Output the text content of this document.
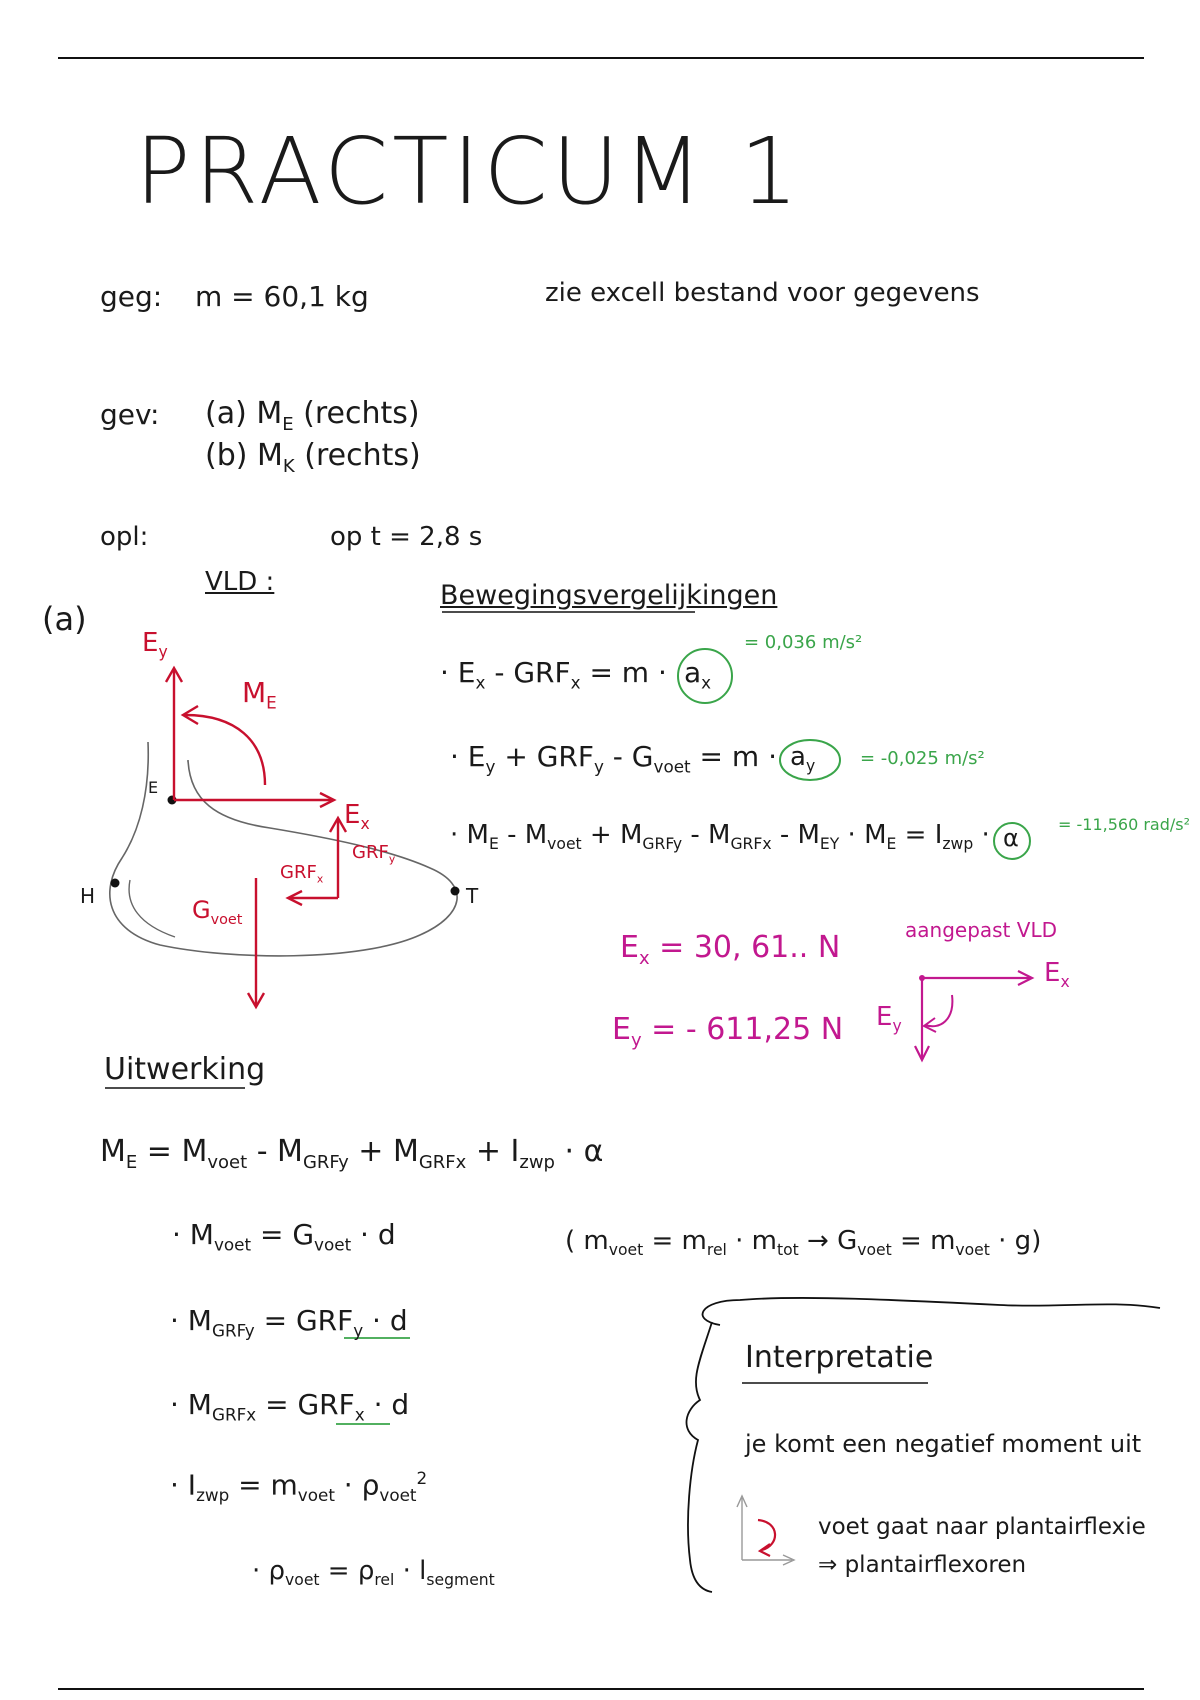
PRACTICUM 1
geg: m = 60,1 kg	zie excell bestand voor gegevens
gev: (a) $M_E$ (rechts)
(b) $M_K$ (rechts)
opl:	op t = 2,8 s
(a)
VLD :	Bewegingsvergelijkingen
$E_y$
$M_E$
E
$E_x$
$GRF_y$
$GRF_x$
H	T
$G_{voet}$
· $E_x - GRF_x = m \cdot a_x$
= 0,036 m/s²
· $E_y + GRF_y - G_{voet} = m \cdot a_y = -0,025$ m/s²
· $M_E - M_{voet} + M_{GRFy} - M_{GRFx} - M_{EY} \cdot M_E = I_{zwp} \cdot \alpha = -11,560$ rad/s²
$E_x = 30$, 61.. N
$E_y$ = - 611,25 N
aangepast VLD
$E_x$
$E_y$
Uitwerking
$M_E = M_{voet} - M_{GRFy} + M_{GRFx} + I_{zwp} \cdot \alpha$
· $M_{voet} = G_{voet} \cdot d$	( $m_{voet} = m_{rel} \cdot m_{tot} \to G_{voet} = m_{voet} \cdot g$)
· $M_{GRFy} = GRF_y \cdot d$
· $M_{GRFx} = GRF_x \cdot d$
· $I_{zwp} = m_{voet} \cdot \rho_{voet}^2$
· $\rho_{voet} = \rho_{rel} \cdot l_{segment}$
Interpretatie
je komt een negatief moment uit
voet gaat naar plantairflexie
⇒ plantairflexoren
